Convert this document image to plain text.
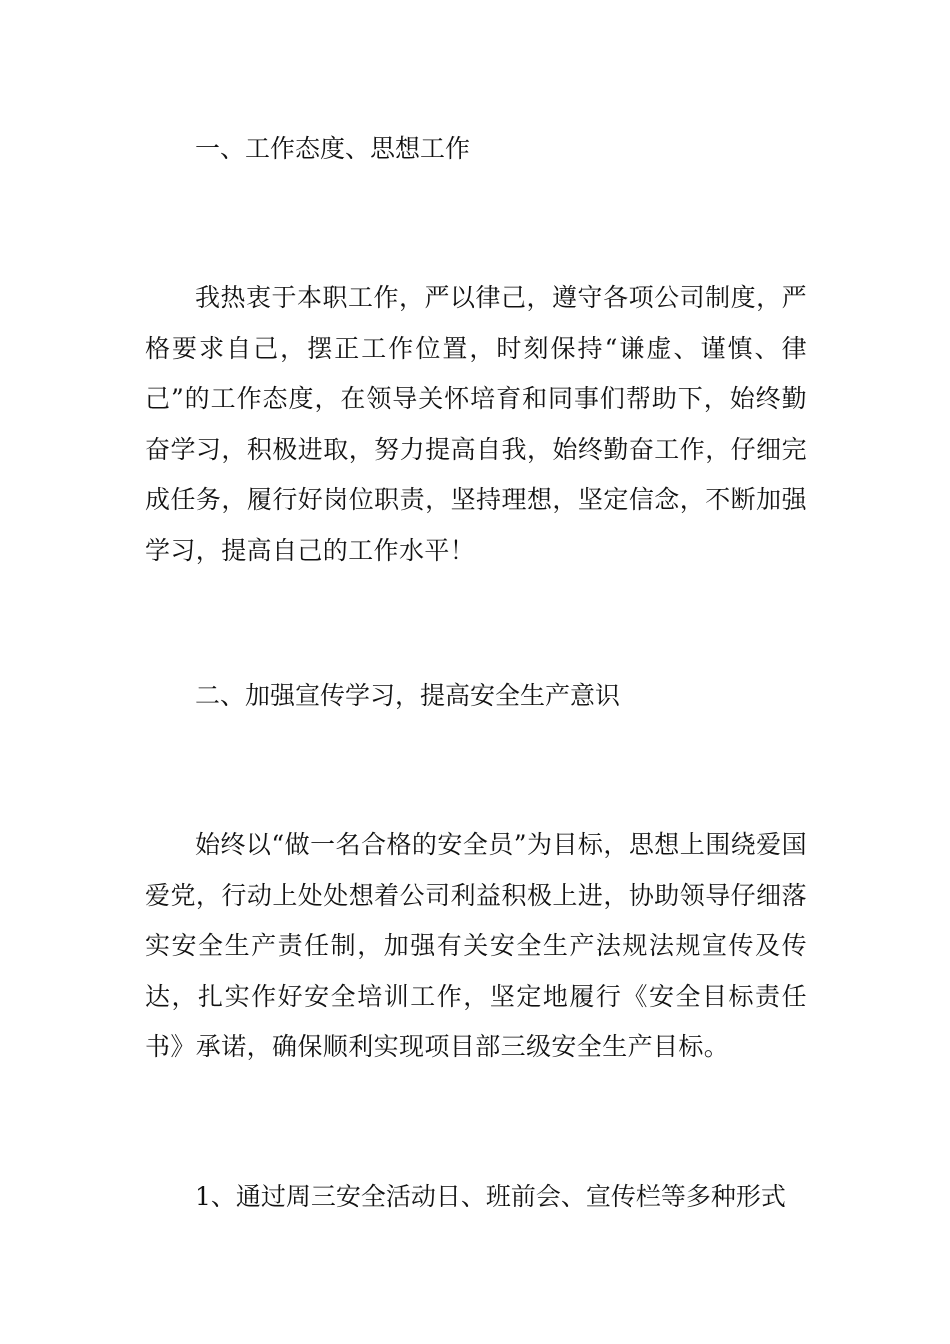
一、工作态度、思想工作

我热衷于本职工作，严以律己，遵守各项公司制度，严格要求自己，摆正工作位置，时刻保持“谦虚、谨慎、律己”的工作态度，在领导关怀培育和同事们帮助下，始终勤奋学习，积极进取，努力提高自我，始终勤奋工作，仔细完成任务，履行好岗位职责，坚持理想，坚定信念，不断加强学习，提高自己的工作水平！

二、加强宣传学习，提高安全生产意识

始终以“做一名合格的安全员”为目标，思想上围绕爱国爱党，行动上处处想着公司利益积极上进，协助领导仔细落实安全生产责任制，加强有关安全生产法规法规宣传及传达，扎实作好安全培训工作，坚定地履行《安全目标责任书》承诺，确保顺利实现项目部三级安全生产目标。

1、通过周三安全活动日、班前会、宣传栏等多种形式
